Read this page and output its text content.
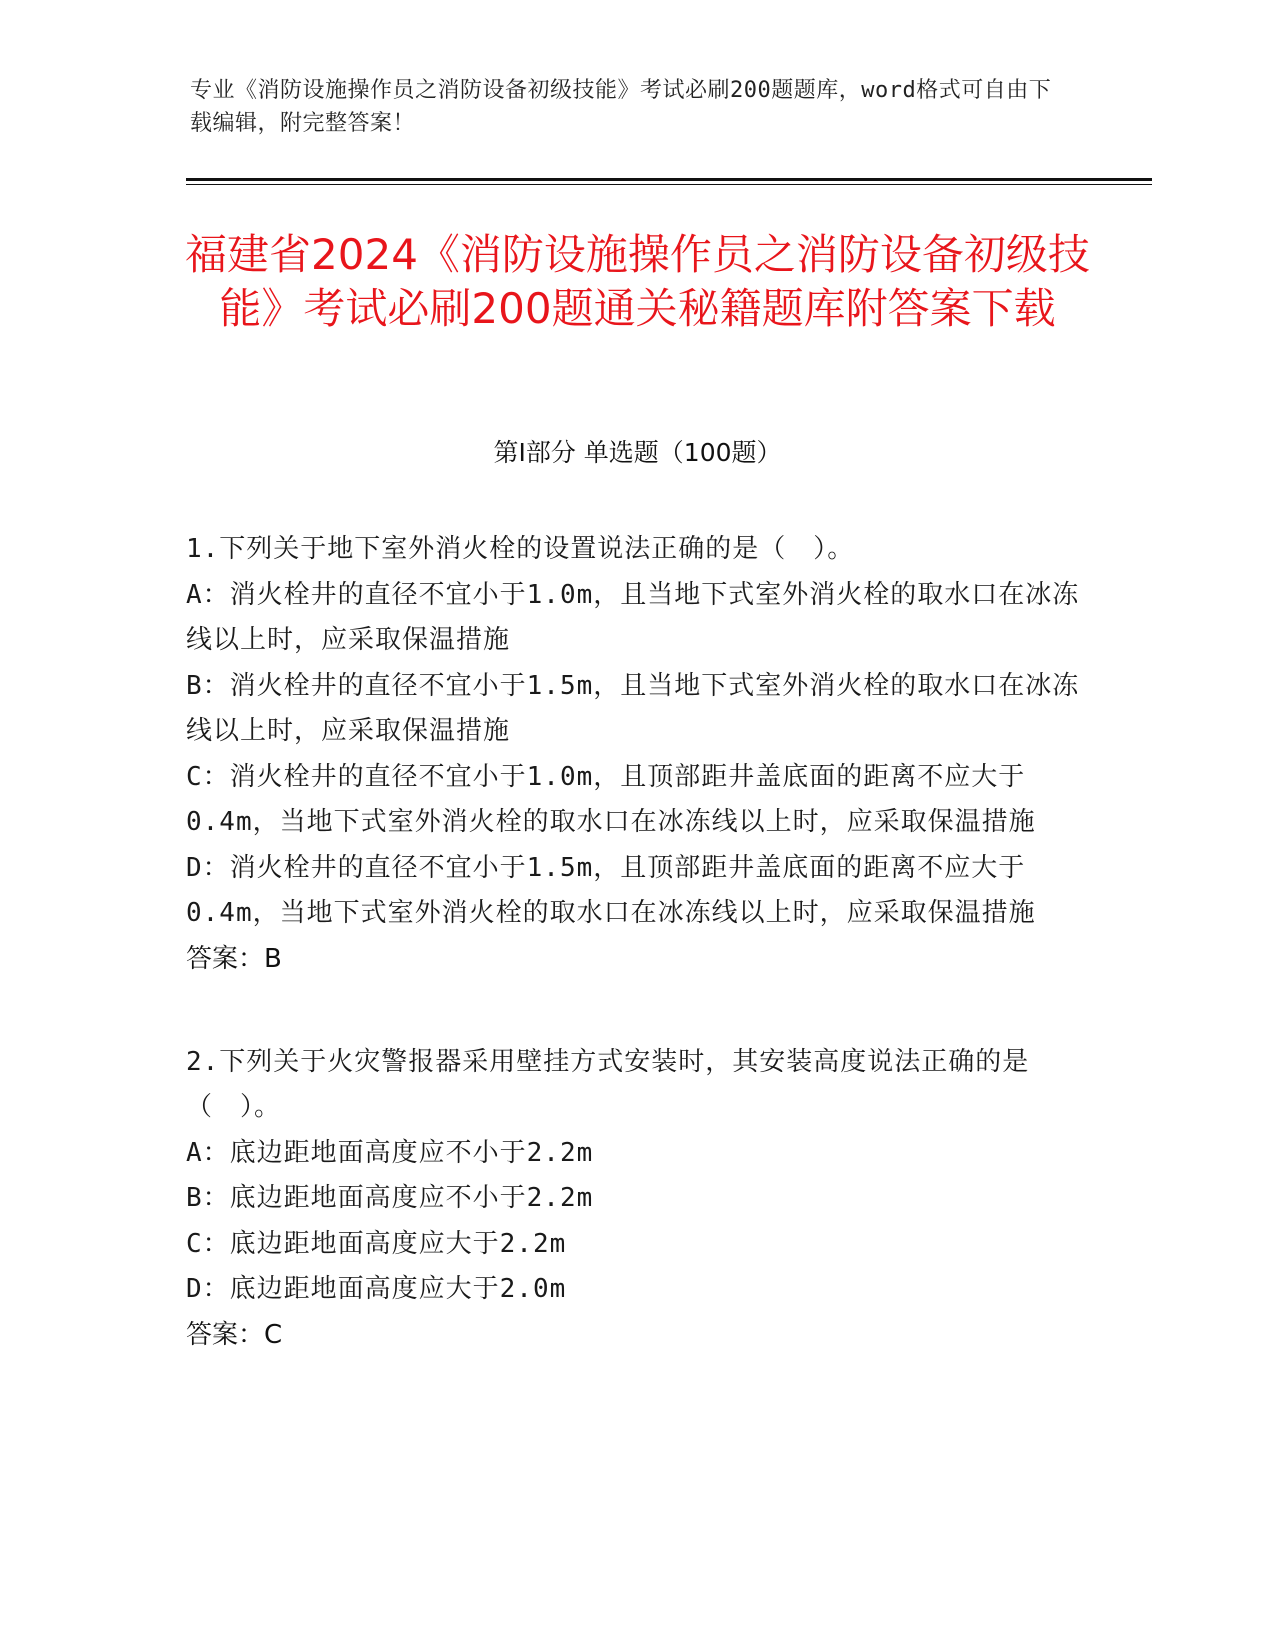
专业《消防设施操作员之消防设备初级技能》考试必刷200题题库，word格式可自由下载编辑，附完整答案！
福建省2024《消防设施操作员之消防设备初级技能》考试必刷200题通关秘籍题库附答案下载
第Ⅰ部分 单选题（100题）

1.下列关于地下室外消火栓的设置说法正确的是（　）。

A：消火栓井的直径不宜小于1.0m，且当地下式室外消火栓的取水口在冰冻线以上时，应采取保温措施

B：消火栓井的直径不宜小于1.5m，且当地下式室外消火栓的取水口在冰冻线以上时，应采取保温措施

C：消火栓井的直径不宜小于1.0m，且顶部距井盖底面的距离不应大于0.4m，当地下式室外消火栓的取水口在冰冻线以上时，应采取保温措施

D：消火栓井的直径不宜小于1.5m，且顶部距井盖底面的距离不应大于0.4m，当地下式室外消火栓的取水口在冰冻线以上时，应采取保温措施

答案：B

2.下列关于火灾警报器采用壁挂方式安装时，其安装高度说法正确的是（　）。

A：底边距地面高度应不小于2.2m

B：底边距地面高度应不小于2.2m

C：底边距地面高度应大于2.2m

D：底边距地面高度应大于2.0m

答案：C
